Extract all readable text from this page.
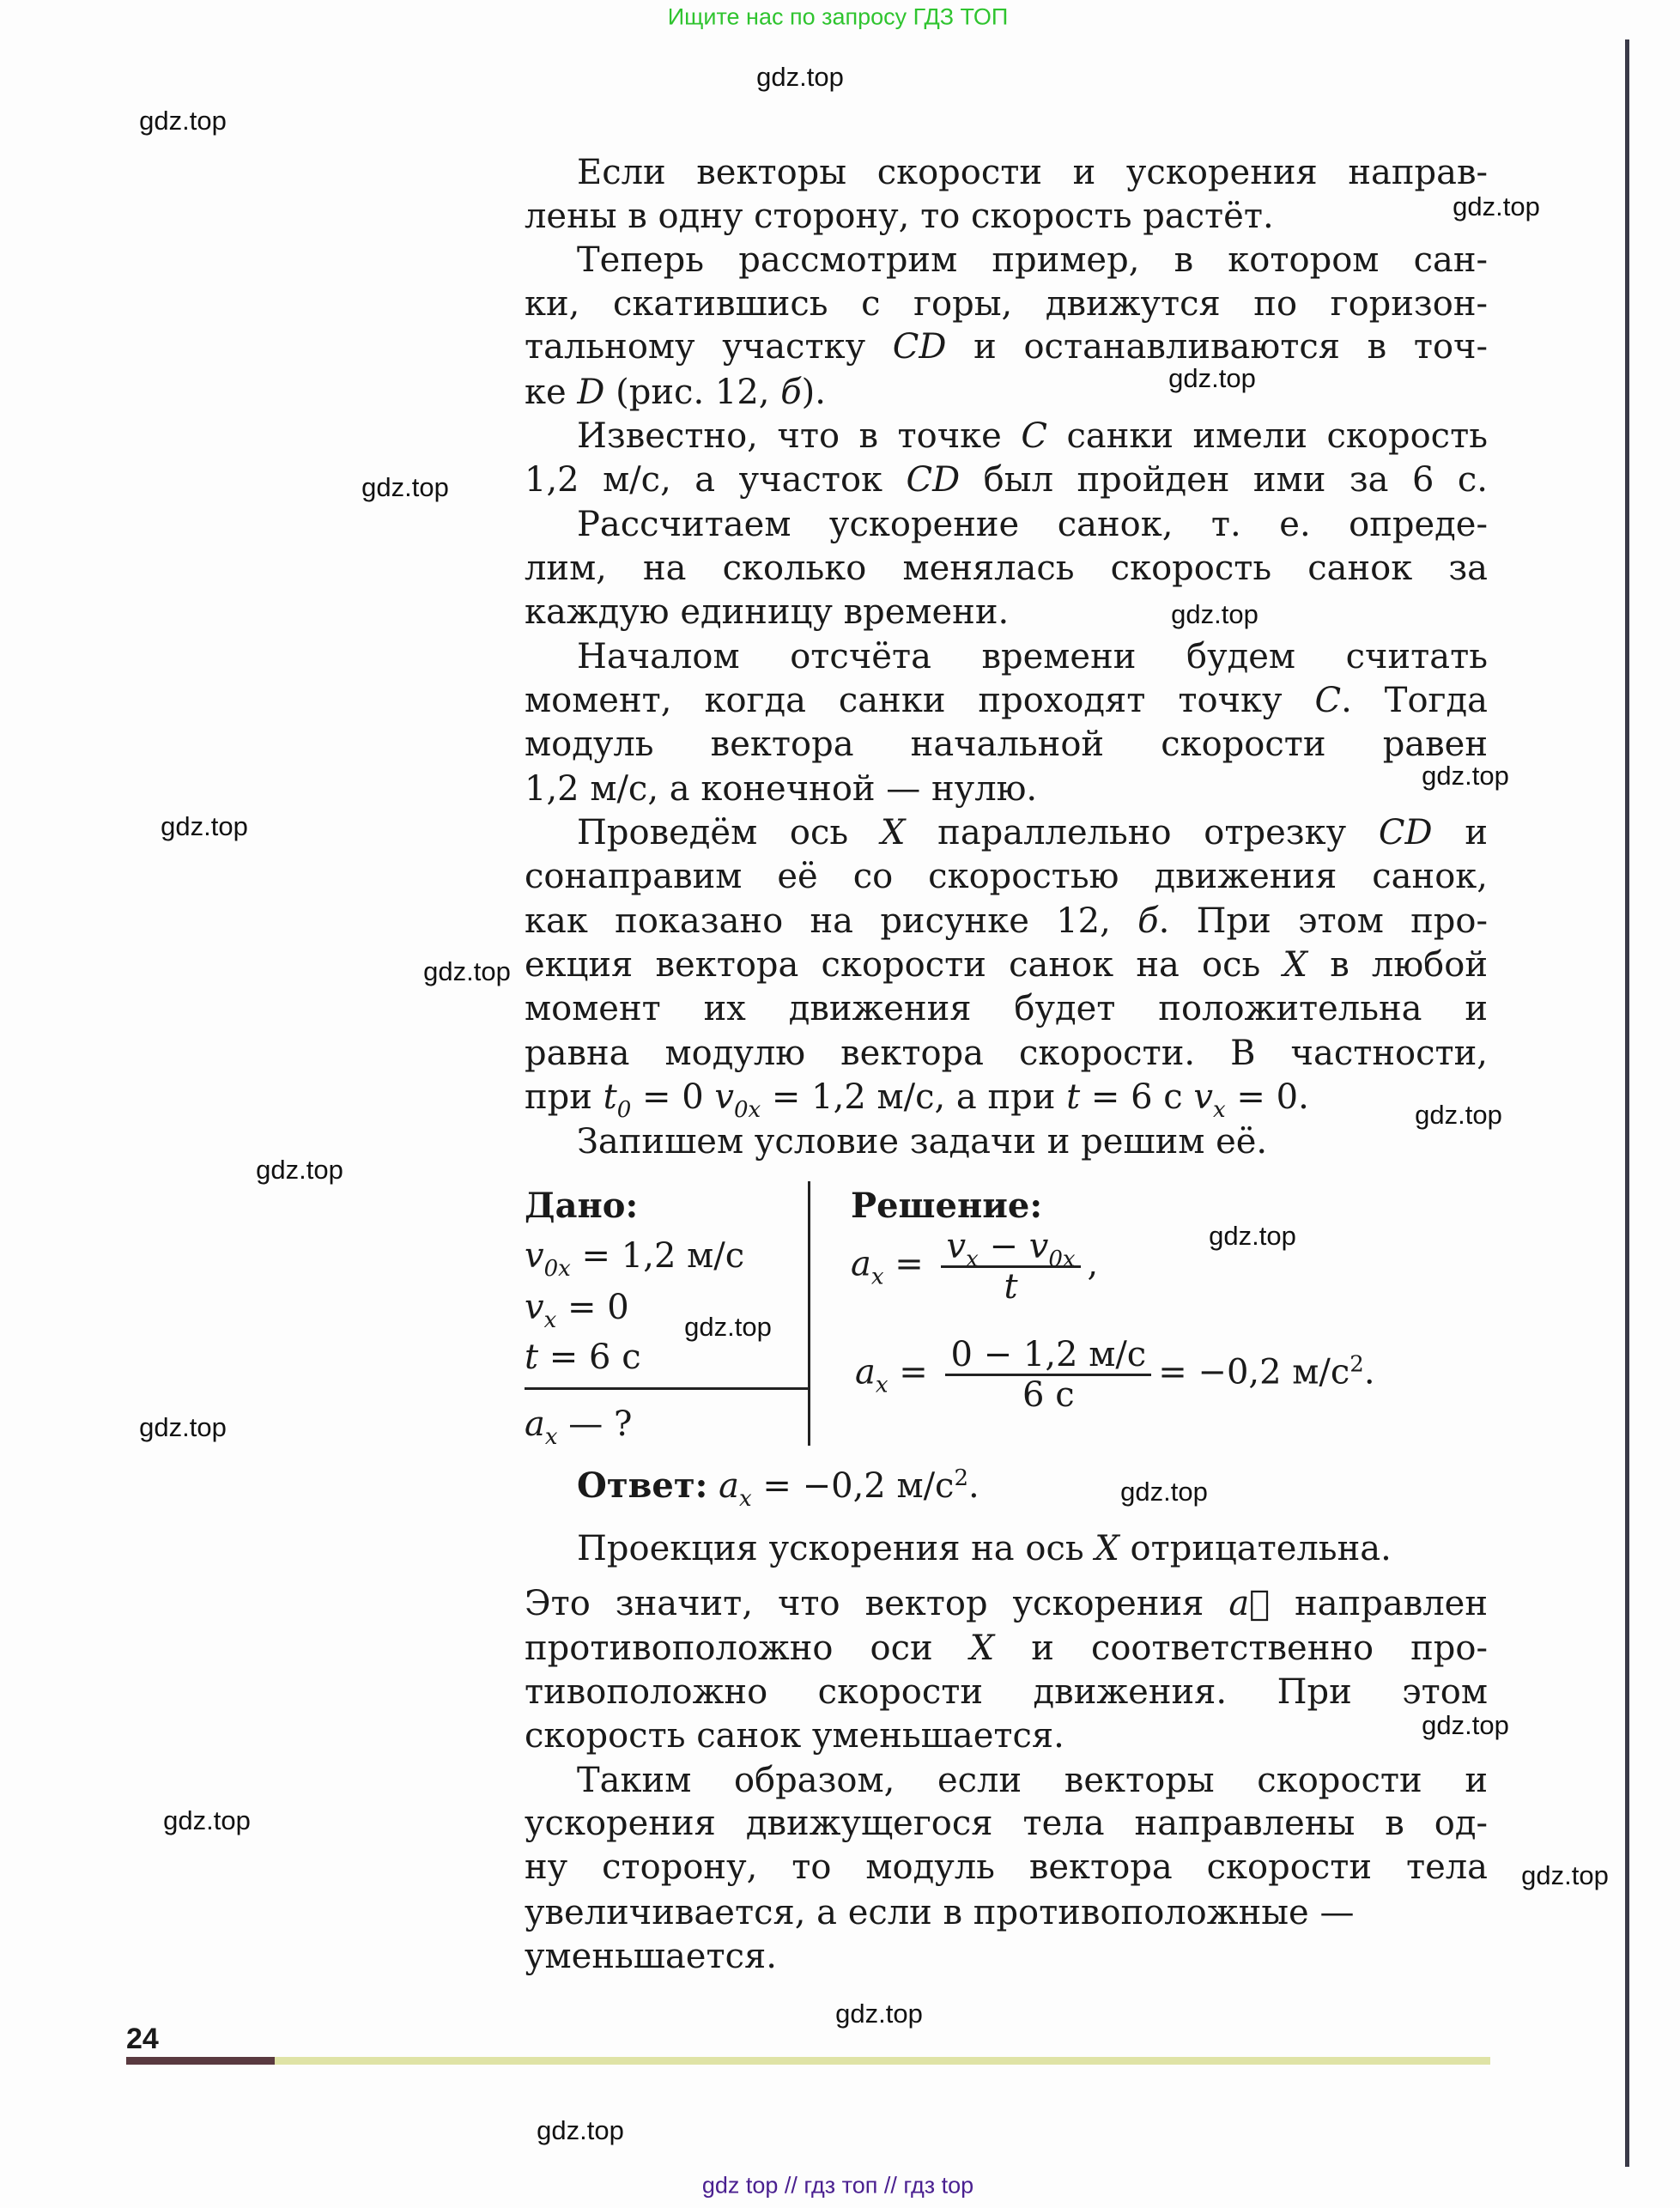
Ищите нас по запросу ГДЗ ТОП
Если векторы скорости и ускорения направ-
лены в одну сторону, то скорость растёт.
Теперь рассмотрим пример, в котором сан-
ки, скатившись с горы, движутся по горизон-
тальному участку CD и останавливаются в точ-
ке D (рис. 12, б).
Известно, что в точке C санки имели скорость
1,2 м/с, а участок CD был пройден ими за 6 с.
Рассчитаем ускорение санок, т. е. опреде-
лим, на сколько менялась скорость санок за
каждую единицу времени.
Началом отсчёта времени будем считать
момент, когда санки проходят точку C. Тогда
модуль вектора начальной скорости равен
1,2 м/с, а конечной — нулю.
Проведём ось X параллельно отрезку CD и
сонаправим её со скоростью движения санок,
как показано на рисунке 12, б. При этом про-
екция вектора скорости санок на ось X в любой
момент их движения будет положительна и
равна модулю вектора скорости. В частности,
при $t_0 = 0$ $v_{0x} = 1,2$ м/с, а при t = 6 с $v_x = 0$.
Запишем условие задачи и решим её.
Проекция ускорения на ось X отрицательна.
Это значит, что вектор ускорения a⃗ направлен
противоположно оси X и соответственно про-
тивоположно скорости движения. При этом
скорость санок уменьшается.
Таким образом, если векторы скорости и
ускорения движущегося тела направлены в од-
ну сторону, то модуль вектора скорости тела
увеличивается, а если в противоположные —
уменьшается.
Дано:
$v_{0x} = 1,2$ м/с
$v_x = 0$
t = 6 с
$a_x$ — ?
Решение:
$a_x = \frac{v_x - v_{0x}}{t}$ ,
$a_x = \frac{0 - 1,2 м/с}{6 с} = -0,2$ $м/с^2$.
Ответ: $a_x = -0,2$ $м/с^2$.
24
gdz.top
gdz.top
gdz.top
gdz.top
gdz.top
gdz.top
gdz.top
gdz.top
gdz.top
gdz.top
gdz.top
gdz.top
gdz.top
gdz.top
gdz.top
gdz.top
gdz.top
gdz.top
gdz.top
gdz.top
gdz top // гдз топ // гдз top
